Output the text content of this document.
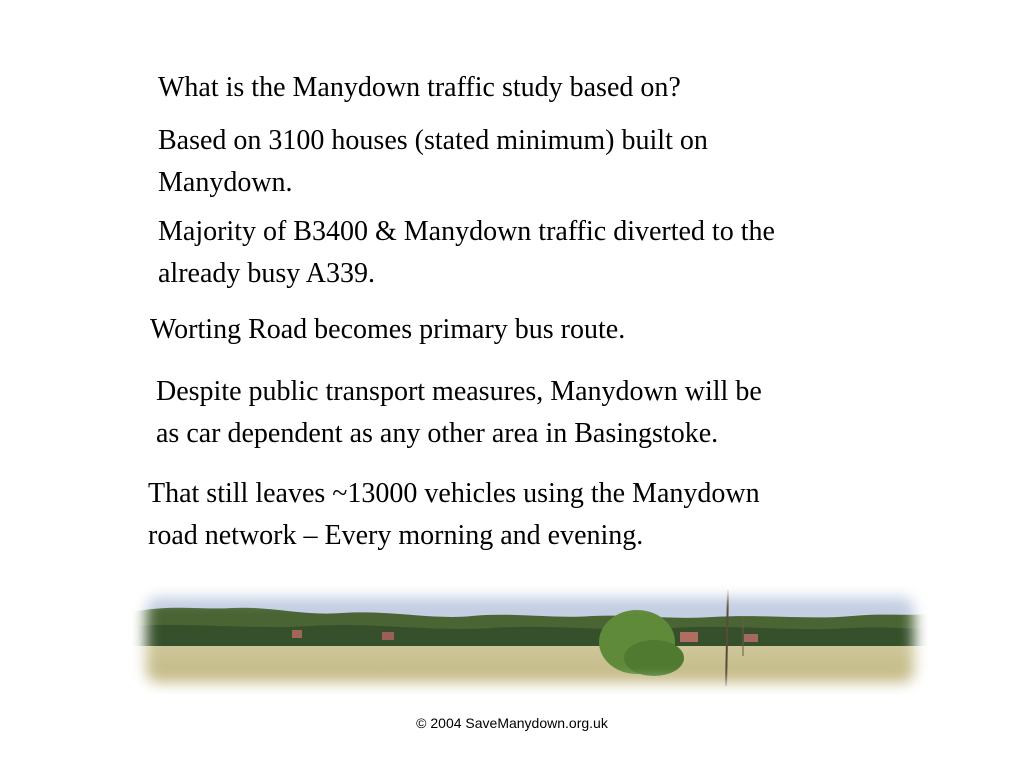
What is the Manydown traffic study based on?

Based on 3100 houses (stated minimum) built on
Manydown.

Majority of B3400 & Manydown traffic diverted to the
already busy A339.

Worting Road becomes primary bus route.

Despite public transport measures, Manydown will be
as car dependent as any other area in Basingstoke.

That still leaves ~13000 vehicles using the Manydown
road network – Every morning and evening.

© 2004 SaveManydown.org.uk
